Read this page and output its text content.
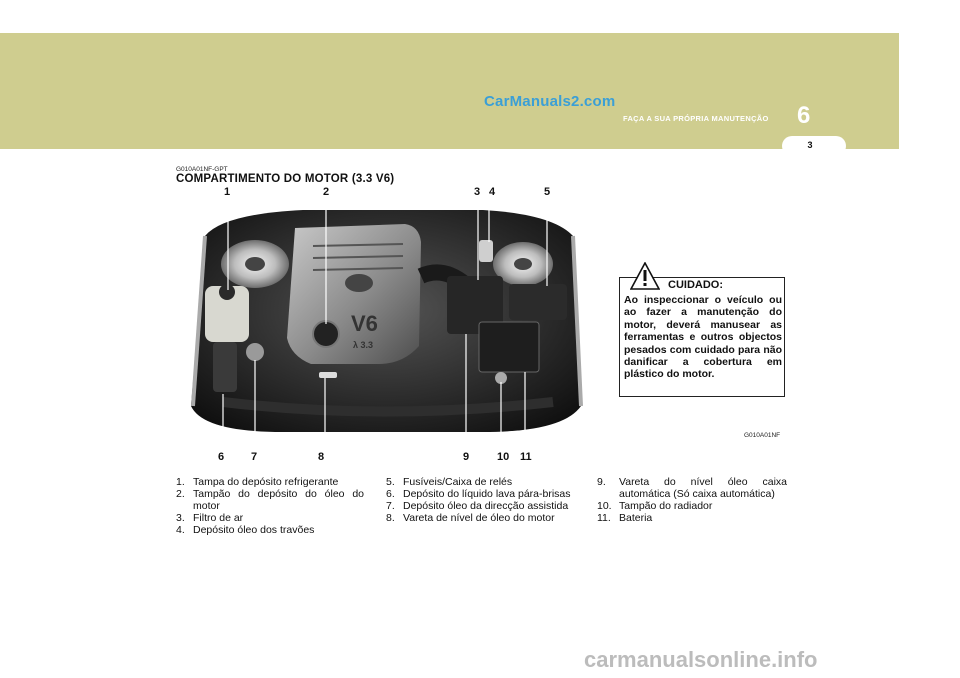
CarManuals2.com
FAÇA A SUA PRÓPRIA MANUTENÇÃO 6
3
G010A01NF-GPT
COMPARTIMENTO DO MOTOR (3.3 V6)
1	2	3 4	5
6 7	8	9	10 11
V6
λ 3.3
CUIDADO:
Ao inspeccionar o veículo ou ao fazer a manutenção do motor, deverá manusear as ferramentas e outros objectos pesados com cuidado para não danificar a cobertura em plástico do motor.
G010A01NF
1. Tampa do depósito refrigerante
2. Tampão do depósito do óleo do motor
3. Filtro de ar
4. Depósito óleo dos travões
5. Fusíveis/Caixa de relés
6. Depósito do líquido lava pára-brisas
7. Depósito óleo da direcção assistida
8. Vareta de nível de óleo do motor
9. Vareta do nível óleo caixa automática (Só caixa automática)
10. Tampão do radiador
11. Bateria
carmanualsonline.info
